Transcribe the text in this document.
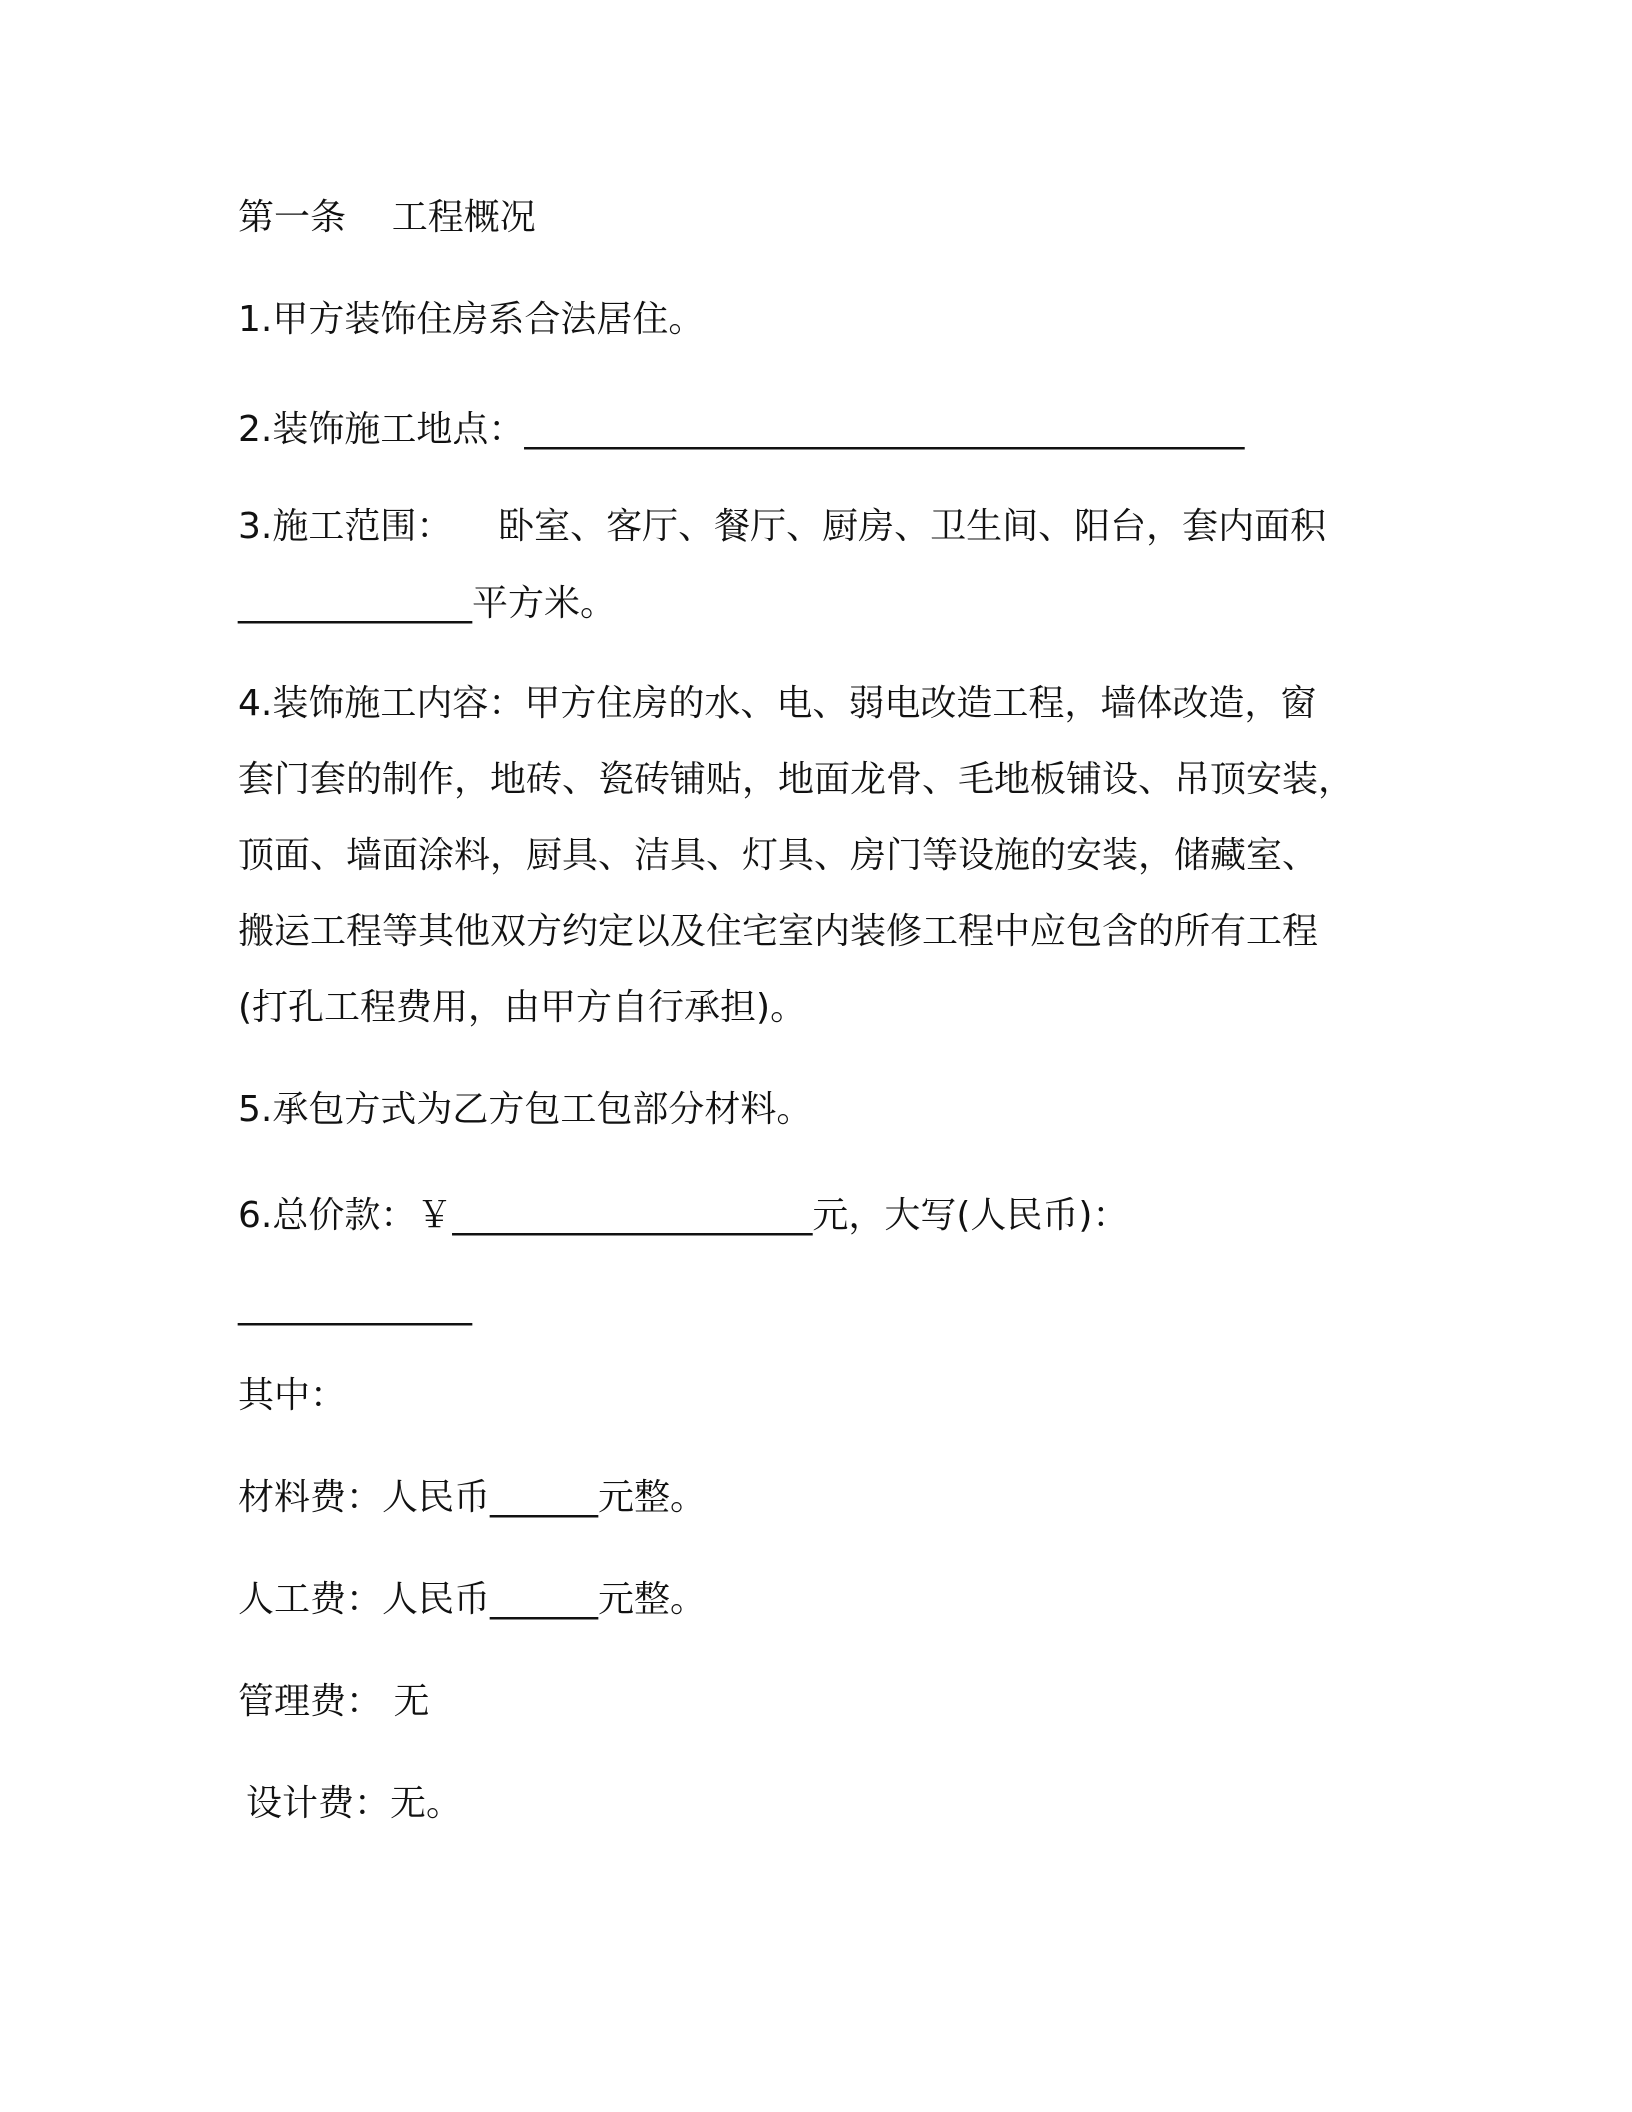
第一条    工程概况
1.甲方装饰住房系合法居住。
2.装饰施工地点：________________________________________
3.施工范围：    卧室、客厅、餐厅、厨房、卫生间、阳台，套内面积
_____________平方米。
4.装饰施工内容：甲方住房的水、电、弱电改造工程，墙体改造，窗
套门套的制作，地砖、瓷砖铺贴，地面龙骨、毛地板铺设、吊顶安装，
顶面、墙面涂料，厨具、洁具、灯具、房门等设施的安装，储藏室、
搬运工程等其他双方约定以及住宅室内装修工程中应包含的所有工程
(打孔工程费用，由甲方自行承担)。
5.承包方式为乙方包工包部分材料。
6.总价款：￥____________________元，大写(人民币)：
_____________
其中：
材料费：人民币______元整。
人工费：人民币______元整。
管理费： 无
设计费：无。
